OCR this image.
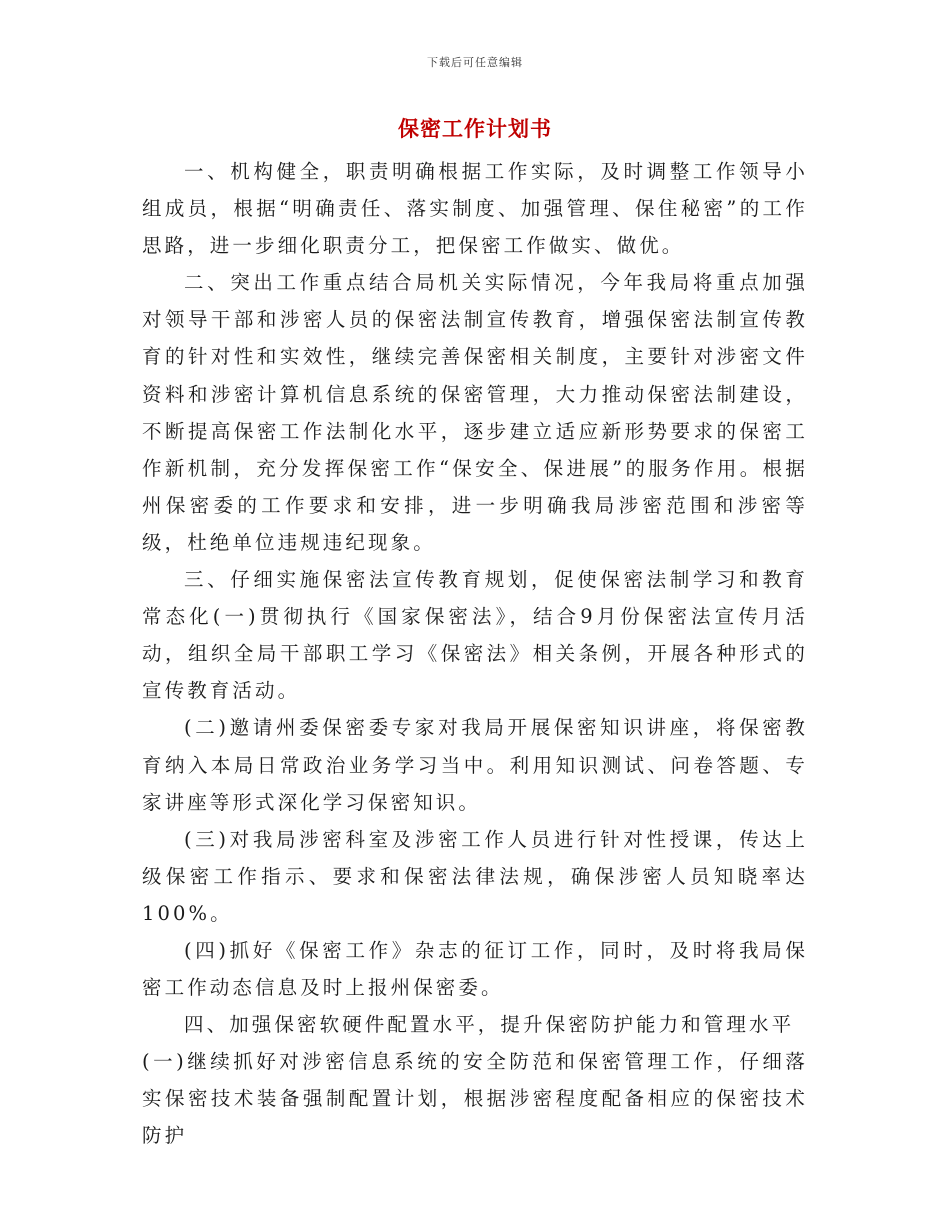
下载后可任意编辑
保密工作计划书

一、机构健全，职责明确根据工作实际，及时调整工作领导小组成员，根据“明确责任、落实制度、加强管理、保住秘密”的工作思路，进一步细化职责分工，把保密工作做实、做优。

二、突出工作重点结合局机关实际情况，今年我局将重点加强对领导干部和涉密人员的保密法制宣传教育，增强保密法制宣传教育的针对性和实效性，继续完善保密相关制度，主要针对涉密文件资料和涉密计算机信息系统的保密管理，大力推动保密法制建设，不断提高保密工作法制化水平，逐步建立适应新形势要求的保密工作新机制，充分发挥保密工作“保安全、保进展”的服务作用。根据州保密委的工作要求和安排，进一步明确我局涉密范围和涉密等级，杜绝单位违规违纪现象。

三、仔细实施保密法宣传教育规划，促使保密法制学习和教育常态化(一)贯彻执行《国家保密法》，结合9月份保密法宣传月活动，组织全局干部职工学习《保密法》相关条例，开展各种形式的宣传教育活动。

(二)邀请州委保密委专家对我局开展保密知识讲座，将保密教育纳入本局日常政治业务学习当中。利用知识测试、问卷答题、专家讲座等形式深化学习保密知识。

(三)对我局涉密科室及涉密工作人员进行针对性授课，传达上级保密工作指示、要求和保密法律法规，确保涉密人员知晓率达100%。

(四)抓好《保密工作》杂志的征订工作，同时，及时将我局保密工作动态信息及时上报州保密委。

四、加强保密软硬件配置水平，提升保密防护能力和管理水平

(一)继续抓好对涉密信息系统的安全防范和保密管理工作，仔细落实保密技术装备强制配置计划，根据涉密程度配备相应的保密技术防护
